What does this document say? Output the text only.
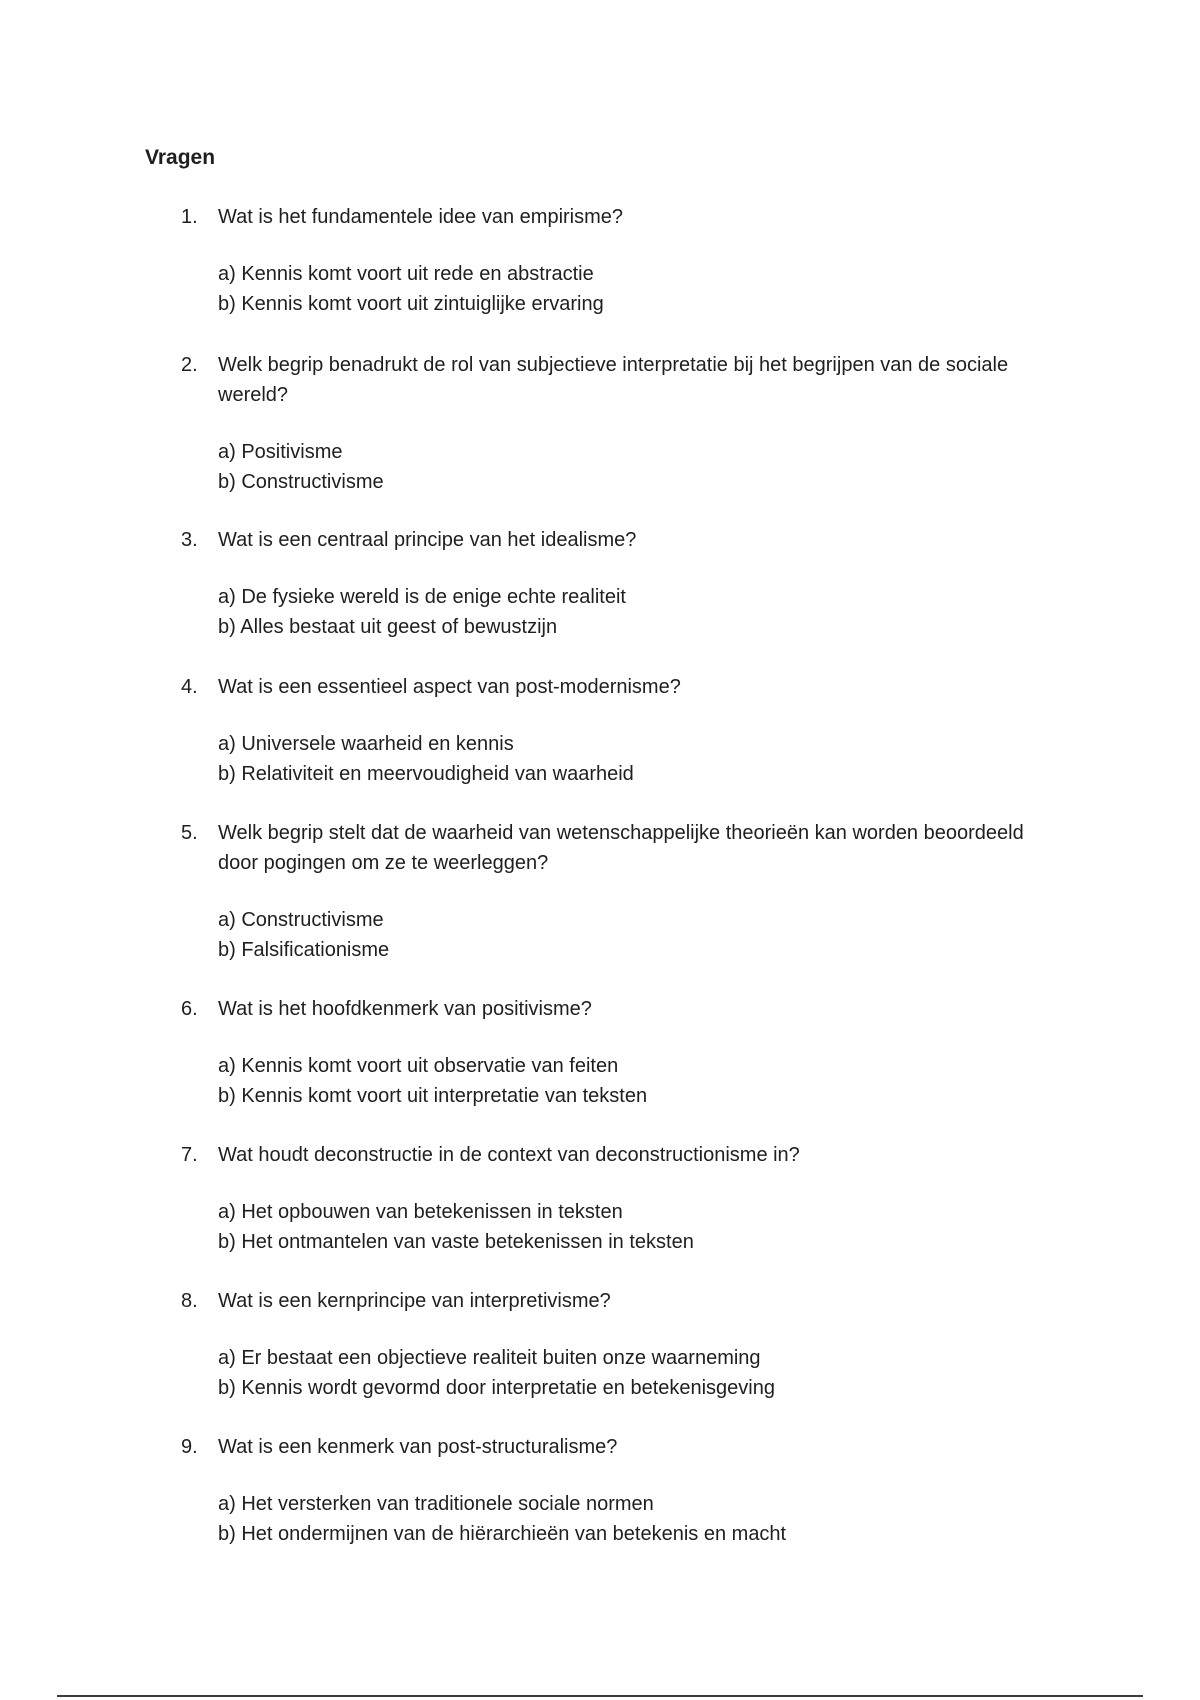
Vragen
1. Wat is het fundamentele idee van empirisme?
a) Kennis komt voort uit rede en abstractie
b) Kennis komt voort uit zintuiglijke ervaring
2. Welk begrip benadrukt de rol van subjectieve interpretatie bij het begrijpen van de sociale wereld?
a) Positivisme
b) Constructivisme
3. Wat is een centraal principe van het idealisme?
a) De fysieke wereld is de enige echte realiteit
b) Alles bestaat uit geest of bewustzijn
4. Wat is een essentieel aspect van post-modernisme?
a) Universele waarheid en kennis
b) Relativiteit en meervoudigheid van waarheid
5. Welk begrip stelt dat de waarheid van wetenschappelijke theorieën kan worden beoordeeld door pogingen om ze te weerleggen?
a) Constructivisme
b) Falsificationisme
6. Wat is het hoofdkenmerk van positivisme?
a) Kennis komt voort uit observatie van feiten
b) Kennis komt voort uit interpretatie van teksten
7. Wat houdt deconstructie in de context van deconstructionisme in?
a) Het opbouwen van betekenissen in teksten
b) Het ontmantelen van vaste betekenissen in teksten
8. Wat is een kernprincipe van interpretivisme?
a) Er bestaat een objectieve realiteit buiten onze waarneming
b) Kennis wordt gevormd door interpretatie en betekenisgeving
9. Wat is een kenmerk van post-structuralisme?
a) Het versterken van traditionele sociale normen
b) Het ondermijnen van de hiërarchieën van betekenis en macht
